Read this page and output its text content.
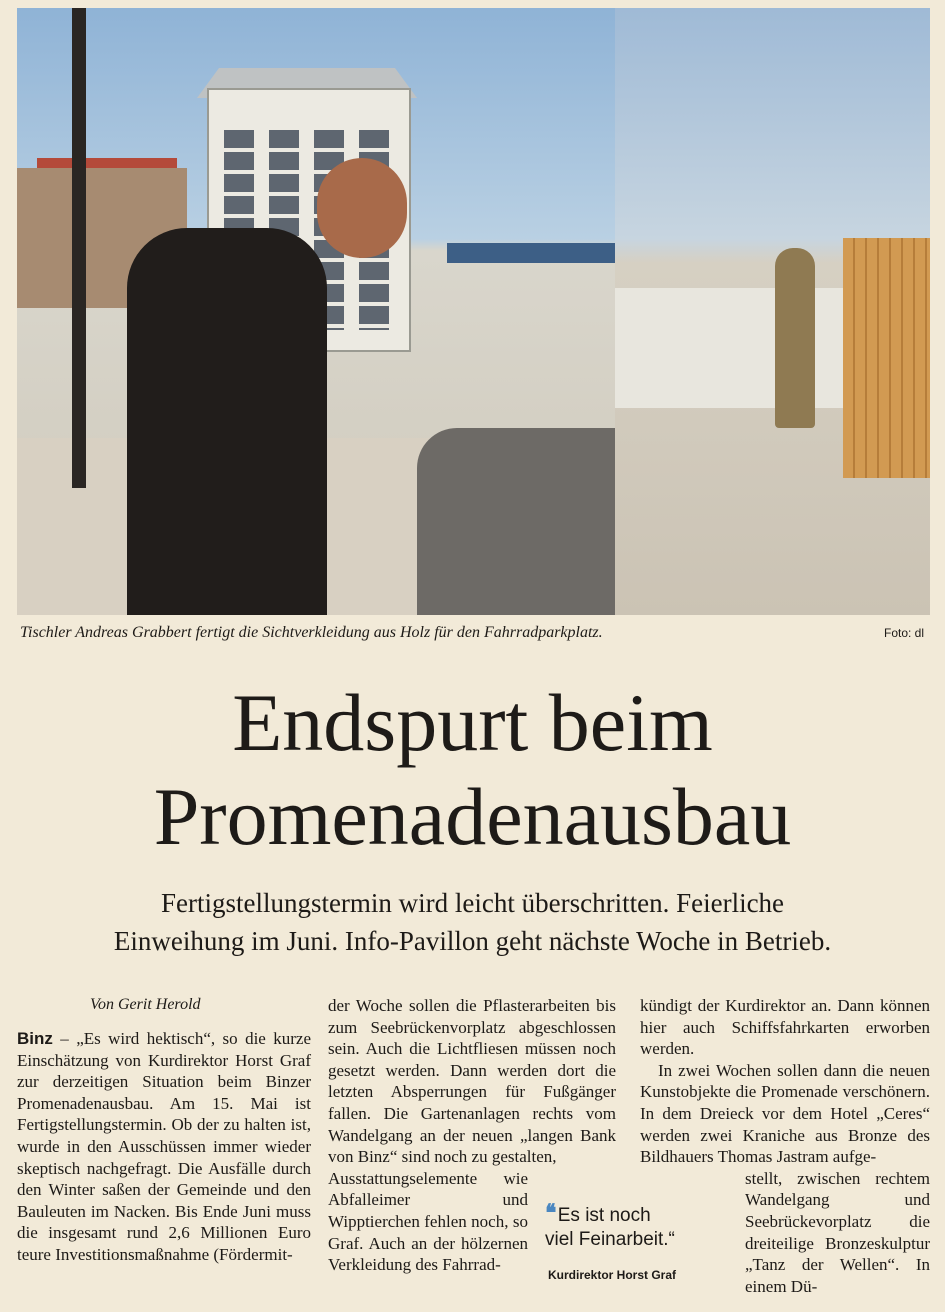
Tischler Andreas Grabbert fertigt die Sichtverkleidung aus Holz für den Fahrradparkplatz.	Foto: dl
Endspurt beim
Promenadenausbau
Fertigstellungstermin wird leicht überschritten. Feierliche
Einweihung im Juni. Info-Pavillon geht nächste Woche in Betrieb.
Von Gerit Herold

Binz – „Es wird hektisch“, so die kurze Einschätzung von Kurdirektor Horst Graf zur derzeitigen Situation beim Binzer Promenadenausbau. Am 15. Mai ist Fertigstellungstermin. Ob der zu halten ist, wurde in den Ausschüssen immer wieder skeptisch nachgefragt. Die Ausfälle durch den Winter saßen der Gemeinde und den Bauleuten im Nacken. Bis Ende Juni muss die insgesamt rund 2,6 Millionen Euro teure Investitionsmaßnahme (Fördermit-

der Woche sollen die Pflasterarbeiten bis zum Seebrückenvorplatz abgeschlossen sein. Auch die Lichtfliesen müssen noch gesetzt werden. Dann werden dort die letzten Absperrungen für Fußgänger fallen. Die Gartenanlagen rechts vom Wandelgang an der neuen „langen Bank von Binz“ sind noch zu gestalten,

Ausstattungselemente wie Abfalleimer und Wipptierchen fehlen noch, so Graf. Auch an der hölzernen Verkleidung des Fahrrad-

kündigt der Kurdirektor an. Dann können hier auch Schiffsfahrkarten erworben werden.

In zwei Wochen sollen dann die neuen Kunstobjekte die Promenade verschönern. In dem Dreieck vor dem Hotel „Ceres“ werden zwei Kraniche aus Bronze des Bildhauers Thomas Jastram aufge-

stellt, zwischen rechtem Wandelgang und Seebrückevorplatz die dreiteilige Bronzeskulptur „Tanz der Wellen“. In einem Dü-

❛❛ Es ist noch
viel Feinarbeit.“
Kurdirektor Horst Graf
